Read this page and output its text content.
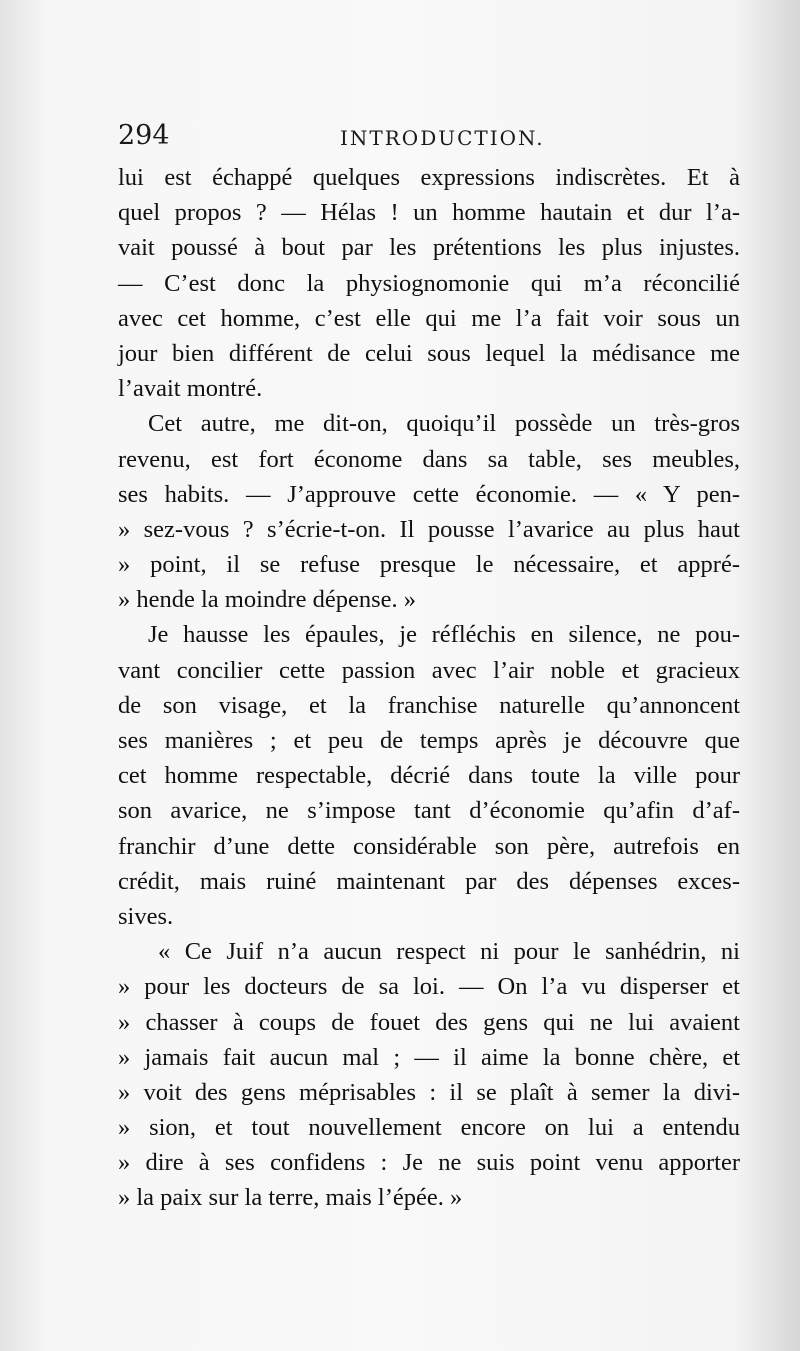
294	INTRODUCTION.
lui est échappé quelques expressions indiscrètes. Et à
quel propos ? — Hélas ! un homme hautain et dur l’a-
vait poussé à bout par les prétentions les plus injustes.
— C’est donc la physiognomonie qui m’a réconcilié
avec cet homme, c’est elle qui me l’a fait voir sous un
jour bien différent de celui sous lequel la médisance me
l’avait montré.
Cet autre, me dit-on, quoiqu’il possède un très-gros
revenu, est fort économe dans sa table, ses meubles,
ses habits. — J’approuve cette économie. — « Y pen-
» sez-vous ? s’écrie-t-on. Il pousse l’avarice au plus haut
» point, il se refuse presque le nécessaire, et appré-
» hende la moindre dépense. »
Je hausse les épaules, je réfléchis en silence, ne pou-
vant concilier cette passion avec l’air noble et gracieux
de son visage, et la franchise naturelle qu’annoncent
ses manières ; et peu de temps après je découvre que
cet homme respectable, décrié dans toute la ville pour
son avarice, ne s’impose tant d’économie qu’afin d’af-
franchir d’une dette considérable son père, autrefois en
crédit, mais ruiné maintenant par des dépenses exces-
sives.
« Ce Juif n’a aucun respect ni pour le sanhédrin, ni
» pour les docteurs de sa loi. — On l’a vu disperser et
» chasser à coups de fouet des gens qui ne lui avaient
» jamais fait aucun mal ; — il aime la bonne chère, et
» voit des gens méprisables : il se plaît à semer la divi-
» sion, et tout nouvellement encore on lui a entendu
» dire à ses confidens : Je ne suis point venu apporter
» la paix sur la terre, mais l’épée. »
